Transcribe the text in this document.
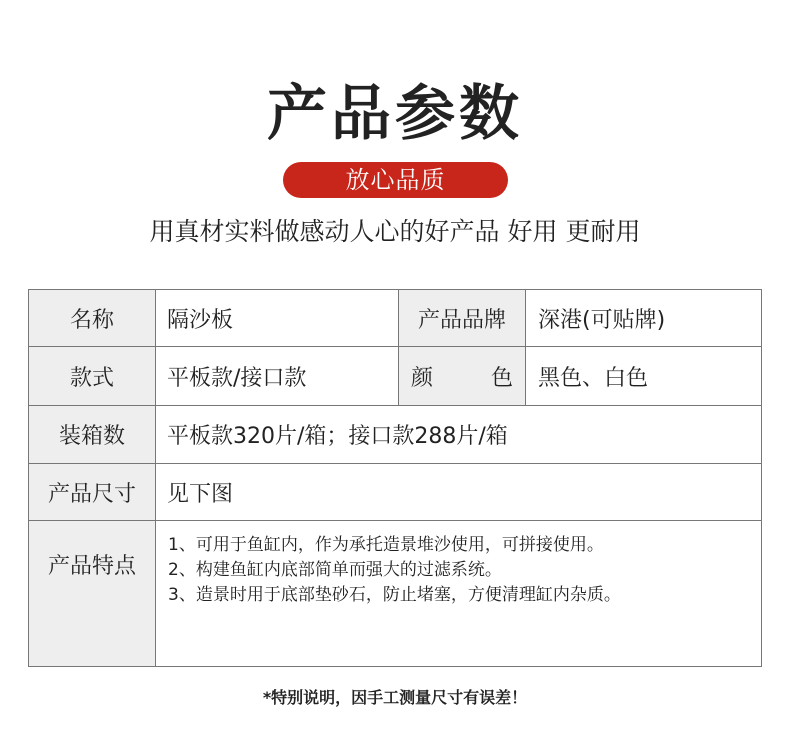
产品参数
放心品质
用真材实料做感动人心的好产品 好用 更耐用
名称	隔沙板	产品品牌	深港(可贴牌)
款式	平板款/接口款	颜 色	黑色、白色
装箱数	平板款320片/箱；接口款288片/箱		
产品尺寸	见下图		
产品特点	1、可用于鱼缸内，作为承托造景堆沙使用，可拼接使用。
2、构建鱼缸内底部简单而强大的过滤系统。
3、造景时用于底部垫砂石，防止堵塞，方便清理缸内杂质。		
*特别说明，因手工测量尺寸有误差！
